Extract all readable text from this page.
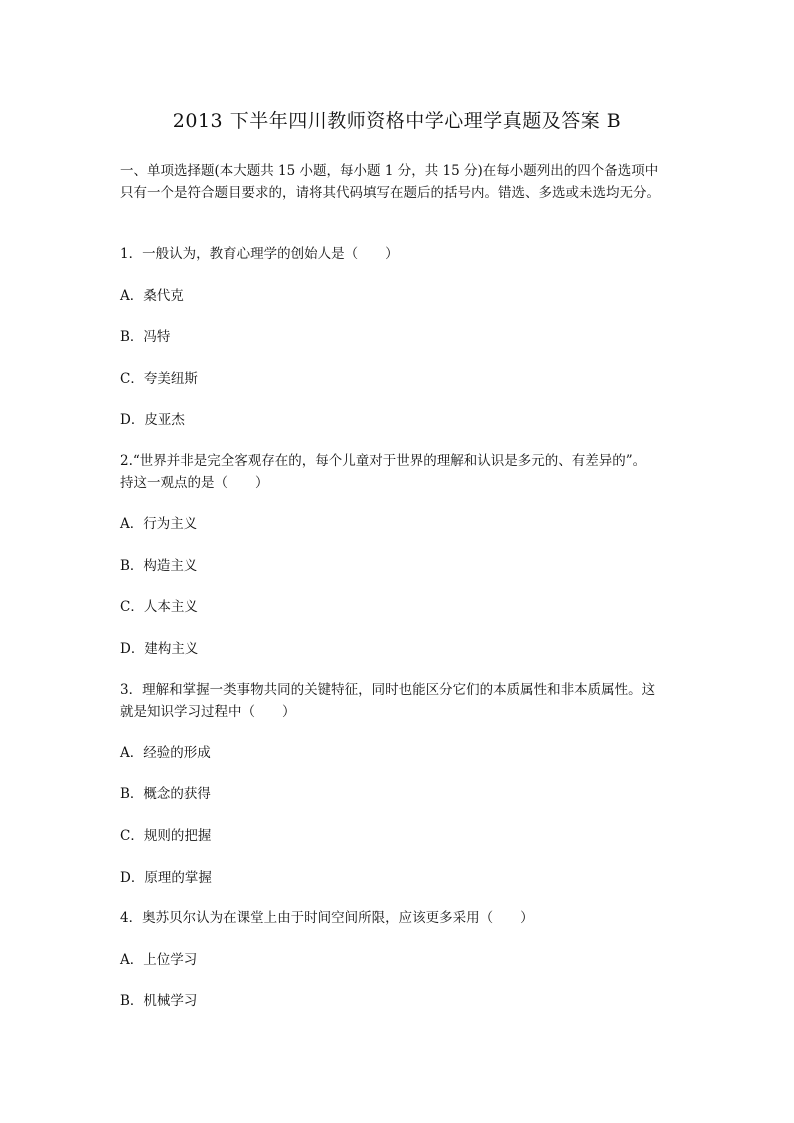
2013 下半年四川教师资格中学心理学真题及答案 B
一、单项选择题(本大题共 15 小题，每小题 1 分，共 15 分)在每小题列出的四个备选项中
只有一个是符合题目要求的，请将其代码填写在题后的括号内。错选、多选或未选均无分。
1．一般认为，教育心理学的创始人是（　　）
A．桑代克
B．冯特
C．夸美纽斯
D．皮亚杰
2.“世界并非是完全客观存在的，每个儿童对于世界的理解和认识是多元的、有差异的”。
持这一观点的是（　　）
A．行为主义
B．构造主义
C．人本主义
D．建构主义
3．理解和掌握一类事物共同的关键特征，同时也能区分它们的本质属性和非本质属性。这
就是知识学习过程中（　　）
A．经验的形成
B．概念的获得
C．规则的把握
D．原理的掌握
4．奥苏贝尔认为在课堂上由于时间空间所限，应该更多采用（　　）
A．上位学习
B．机械学习
